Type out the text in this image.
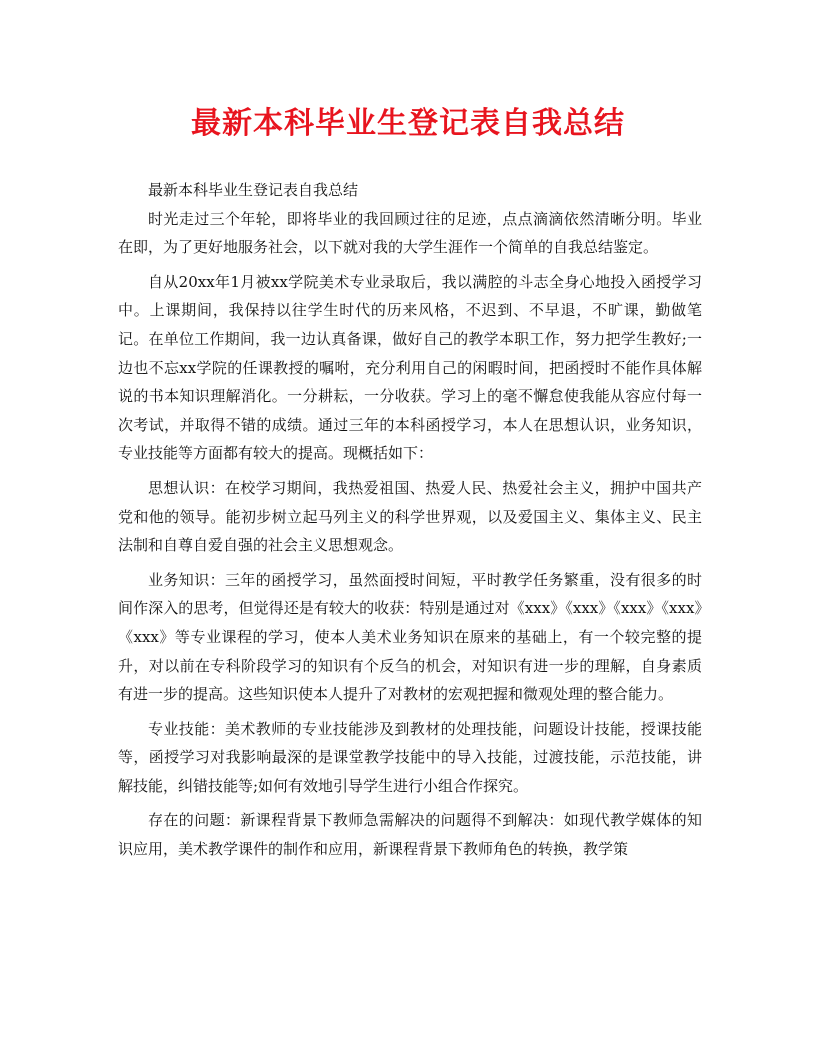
最新本科毕业生登记表自我总结

最新本科毕业生登记表自我总结

时光走过三个年轮，即将毕业的我回顾过往的足迹，点点滴滴依然清晰分明。毕业在即，为了更好地服务社会，以下就对我的大学生涯作一个简单的自我总结鉴定。

自从20xx年1月被xx学院美术专业录取后，我以满腔的斗志全身心地投入函授学习中。上课期间，我保持以往学生时代的历来风格，不迟到、不早退，不旷课，勤做笔记。在单位工作期间，我一边认真备课，做好自己的教学本职工作，努力把学生教好;一边也不忘xx学院的任课教授的嘱咐，充分利用自己的闲暇时间，把函授时不能作具体解说的书本知识理解消化。一分耕耘，一分收获。学习上的毫不懈怠使我能从容应付每一次考试，并取得不错的成绩。通过三年的本科函授学习，本人在思想认识，业务知识，专业技能等方面都有较大的提高。现概括如下：

思想认识：在校学习期间，我热爱祖国、热爱人民、热爱社会主义，拥护中国共产党和他的领导。能初步树立起马列主义的科学世界观，以及爱国主义、集体主义、民主法制和自尊自爱自强的社会主义思想观念。

业务知识：三年的函授学习，虽然面授时间短，平时教学任务繁重，没有很多的时间作深入的思考，但觉得还是有较大的收获：特别是通过对《xxx》《xxx》《xxx》《xxx》《xxx》等专业课程的学习，使本人美术业务知识在原来的基础上，有一个较完整的提升，对以前在专科阶段学习的知识有个反刍的机会，对知识有进一步的理解，自身素质有进一步的提高。这些知识使本人提升了对教材的宏观把握和微观处理的整合能力。

专业技能：美术教师的专业技能涉及到教材的处理技能，问题设计技能，授课技能等，函授学习对我影响最深的是课堂教学技能中的导入技能，过渡技能，示范技能，讲解技能，纠错技能等;如何有效地引导学生进行小组合作探究。

存在的问题：新课程背景下教师急需解决的问题得不到解决：如现代教学媒体的知识应用，美术教学课件的制作和应用，新课程背景下教师角色的转换，教学策
